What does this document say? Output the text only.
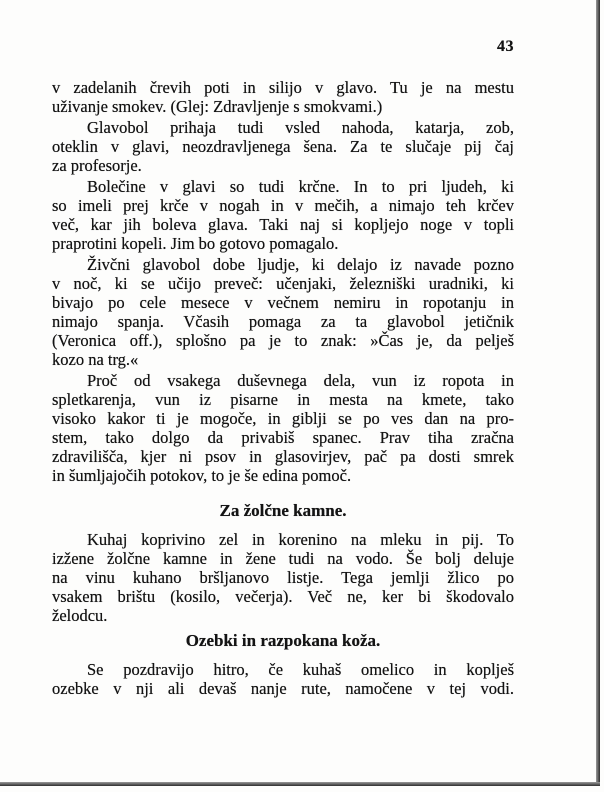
43
v zadelanih črevih poti in silijo v glavo. Tu je na mestu
uživanje smokev. (Glej: Zdravljenje s smokvami.)
Glavobol prihaja tudi vsled nahoda, katarja, zob,
oteklin v glavi, neozdravljenega šena. Za te slučaje pij čaj
za profesorje.
Bolečine v glavi so tudi krčne. In to pri ljudeh, ki
so imeli prej krče v nogah in v mečih, a nimajo teh krčev
več, kar jih boleva glava. Taki naj si kopljejo noge v topli
praprotini kopeli. Jim bo gotovo pomagalo.
Živčni glavobol dobe ljudje, ki delajo iz navade pozno
v noč, ki se učijo preveč: učenjaki, železniški uradniki, ki
bivajo po cele mesece v večnem nemiru in ropotanju in
nimajo spanja. Včasih pomaga za ta glavobol jetičnik
(Veronica off.), splošno pa je to znak: »Čas je, da pelješ
kozo na trg.«
Proč od vsakega duševnega dela, vun iz ropota in
spletkarenja, vun iz pisarne in mesta na kmete, tako
visoko kakor ti je mogoče, in giblji se po ves dan na pro-
stem, tako dolgo da privabiš spanec. Prav tiha zračna
zdravilišča, kjer ni psov in glasovirjev, pač pa dosti smrek
in šumljajočih potokov, to je še edina pomoč.
Za žolčne kamne.
Kuhaj koprivino zel in korenino na mleku in pij. To
izžene žolčne kamne in žene tudi na vodo. Še bolj deluje
na vinu kuhano bršljanovo listje. Tega jemlji žlico po
vsakem brištu (kosilo, večerja). Več ne, ker bi škodovalo
želodcu.
Ozebki in razpokana koža.
Se pozdravijo hitro, če kuhaš omelico in koplješ
ozebke v nji ali devaš nanje rute, namočene v tej vodi.
